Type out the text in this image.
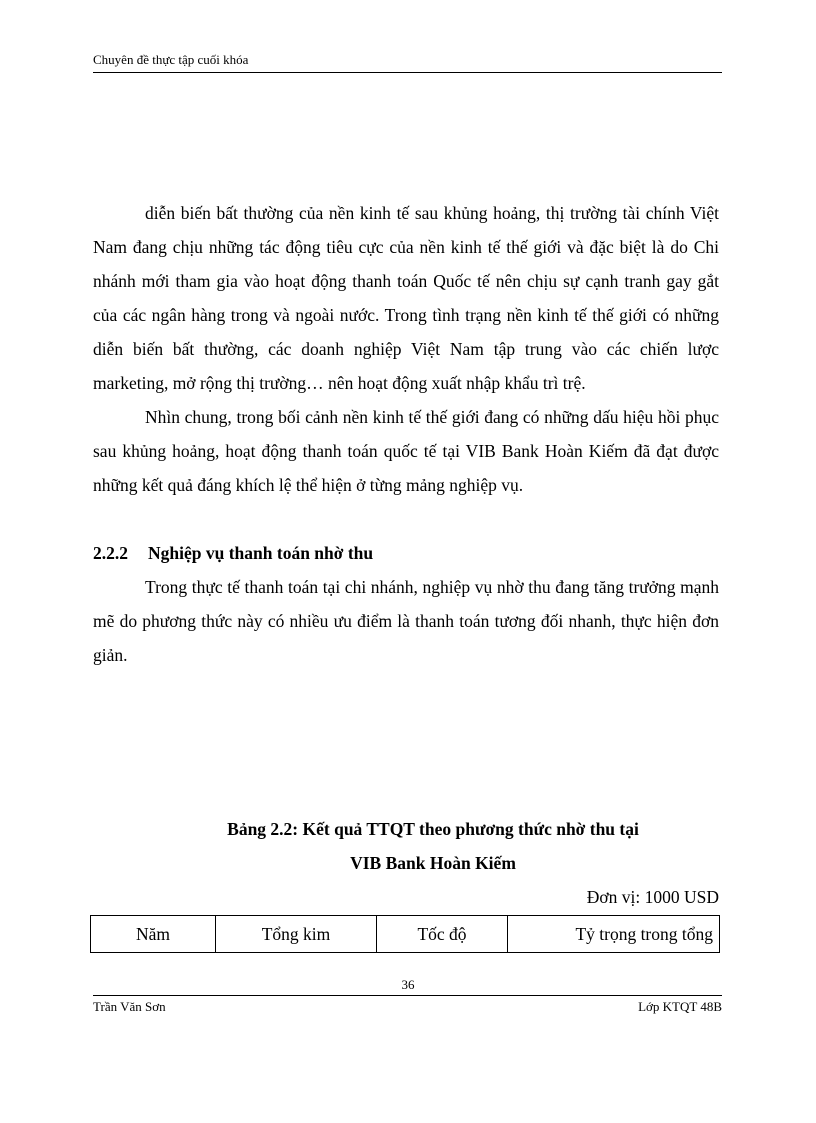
Chuyên đề thực tập cuối khóa

diễn biến bất thường của nền kinh tế sau khủng hoảng, thị trường tài chính Việt Nam đang chịu những tác động tiêu cực của nền kinh tế thế giới và đặc biệt là do Chi nhánh mới tham gia vào hoạt động thanh toán Quốc tế nên chịu sự cạnh tranh gay gắt của các ngân hàng trong và ngoài nước. Trong tình trạng nền kinh tế thế giới có những diễn biến bất thường, các doanh nghiệp Việt Nam tập trung vào các chiến lược marketing, mở rộng thị trường… nên hoạt động xuất nhập khẩu trì trệ.

Nhìn chung, trong bối cảnh nền kinh tế thế giới đang có những dấu hiệu hồi phục sau khủng hoảng, hoạt động thanh toán quốc tế tại VIB Bank Hoàn Kiếm đã đạt được những kết quả đáng khích lệ thể hiện ở từng mảng nghiệp vụ.

2.2.2 Nghiệp vụ thanh toán nhờ thu

Trong thực tế thanh toán tại chi nhánh, nghiệp vụ nhờ thu đang tăng trưởng mạnh mẽ do phương thức này có nhiều ưu điểm là thanh toán tương đối nhanh, thực hiện đơn giản.

Bảng 2.2: Kết quả TTQT theo phương thức nhờ thu tại
VIB Bank Hoàn Kiếm
Đơn vị: 1000 USD
Năm	Tổng kim	Tốc độ	Tỷ trọng trong tổng
36
Trần Văn Sơn	Lớp KTQT 48B
